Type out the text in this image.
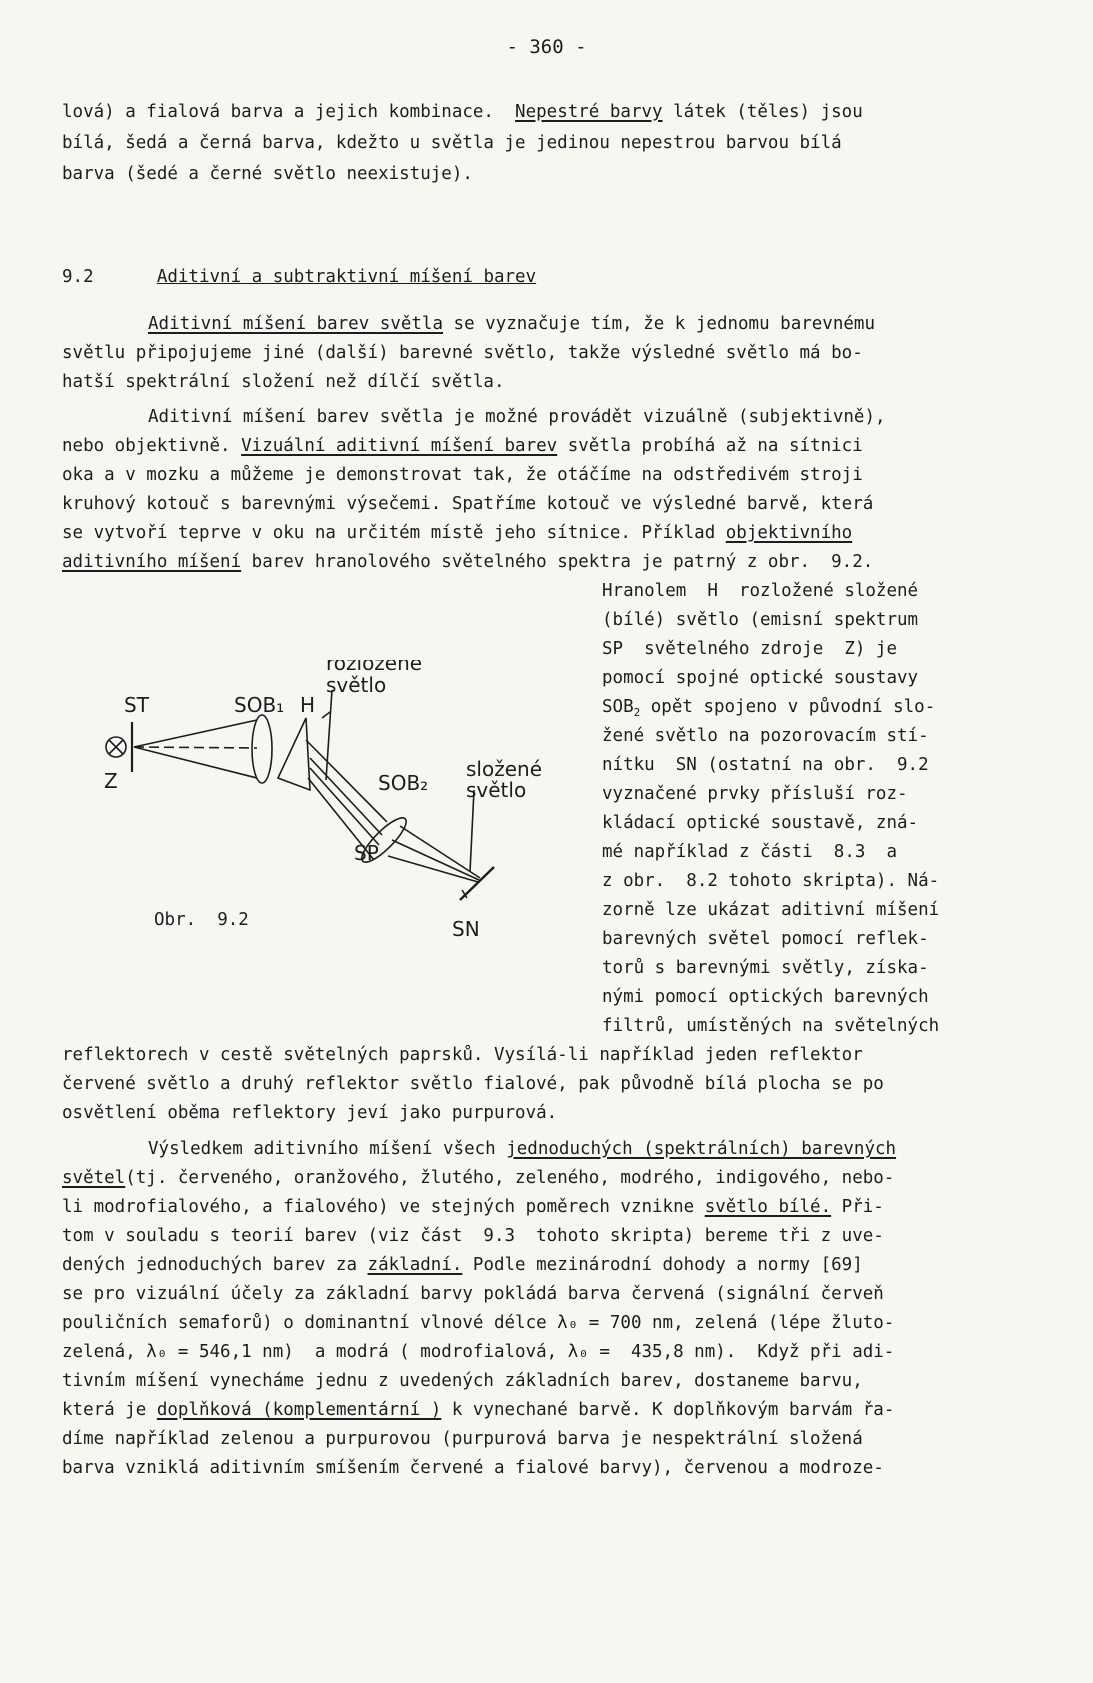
- 360 -
lová) a fialová barva a jejich kombinace.  Nepestré barvy látek (těles) jsou
bílá, šedá a černá barva, kdežto u světla je jedinou nepestrou barvou bílá
barva (šedé a černé světlo neexistuje).
9.2	Aditivní a subtraktivní míšení barev
Aditivní míšení barev světla se vyznačuje tím, že k jednomu barevnému
světlu připojujeme jiné (další) barevné světlo, takže výsledné světlo má bo-
hatší spektrální složení než dílčí světla.
Aditivní míšení barev světla je možné provádět vizuálně (subjektivně),
nebo objektivně. Vizuální aditivní míšení barev světla probíhá až na sítnici
oka a v mozku a můžeme je demonstrovat tak, že otáčíme na odstředivém stroji
kruhový kotouč s barevnými výsečemi. Spatříme kotouč ve výsledné barvě, která
se vytvoří teprve v oku na určitém místě jeho sítnice. Příklad objektivního
aditivního míšení barev hranolového světelného spektra je patrný z obr.  9.2.
Hranolem  H  rozložené složené
(bílé) světlo (emisní spektrum
SP  světelného zdroje  Z) je
pomocí spojné optické soustavy
$SOB_2$ opět spojeno v původní slo-
žené světlo na pozorovacím stí-
nítku  SN (ostatní na obr.  9.2
vyznačené prvky přísluší roz-
kládací optické soustavě, zná-
mé například z části  8.3  a
z obr.  8.2 tohoto skripta). Ná-
zorně lze ukázat aditivní míšení
barevných světel pomocí reflek-
torů s barevnými světly, získa-
nými pomocí optických barevných
filtrů, umístěných na světelných
ST
Z
SOB₁ H
rozložené
světlo
SOB₂
složené
světlo
SP
SN
Obr.  9.2
reflektorech v cestě světelných paprsků. Vysílá-li například jeden reflektor
červené světlo a druhý reflektor světlo fialové, pak původně bílá plocha se po
osvětlení oběma reflektory jeví jako purpurová.
Výsledkem aditivního míšení všech jednoduchých (spektrálních) barevných
světel(tj. červeného, oranžového, žlutého, zeleného, modrého, indigového, nebo-
li modrofialového, a fialového) ve stejných poměrech vznikne světlo bílé. Při-
tom v souladu s teorií barev (viz část  9.3  tohoto skripta) bereme tři z uve-
dených jednoduchých barev za základní. Podle mezinárodní dohody a normy [69]
se pro vizuální účely za základní barvy pokládá barva červená (signální červeň
pouličních semaforů) o dominantní vlnové délce λ₀ = 700 nm, zelená (lépe žluto-
zelená, λ₀ = 546,1 nm)  a modrá ( modrofialová, λ₀ =  435,8 nm).  Když při adi-
tivním míšení vynecháme jednu z uvedených základních barev, dostaneme barvu,
která je doplňková (komplementární ) k vynechané barvě. K doplňkovým barvám řa-
díme například zelenou a purpurovou (purpurová barva je nespektrální složená
barva vzniklá aditivním smíšením červené a fialové barvy), červenou a modroze-
